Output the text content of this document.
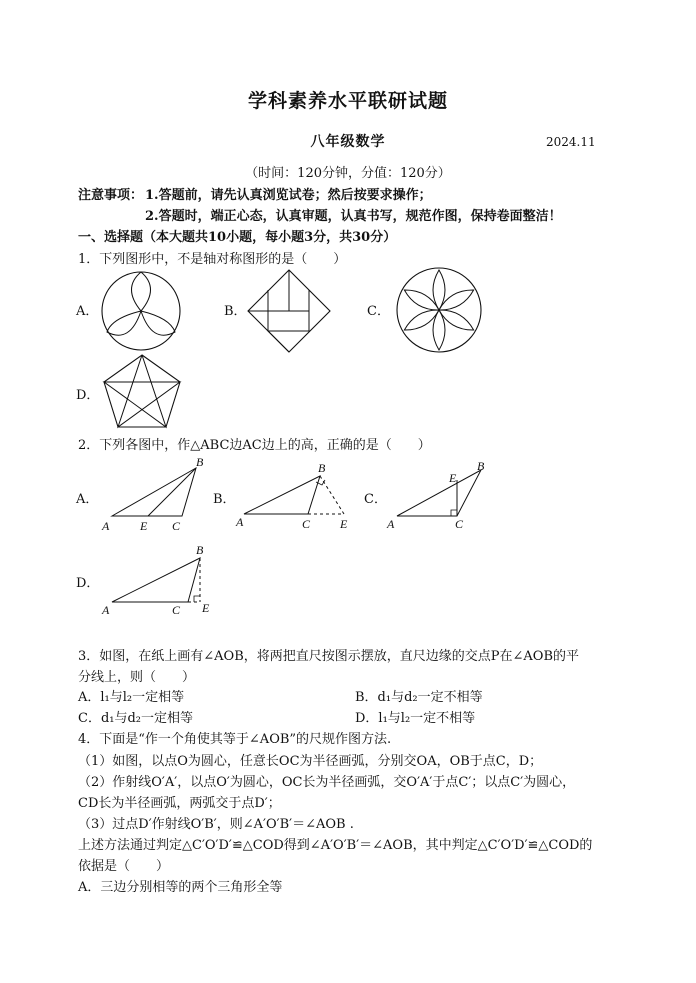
学科素养水平联研试题
八年级数学	2024.11
（时间：120分钟，分值：120分）
注意事项： 1.答题前，请先认真浏览试卷；然后按要求操作；
2.答题时，端正心态，认真审题，认真书写，规范作图，保持卷面整洁！
一、选择题（本大题共10小题，每小题3分，共30分）
1．下列图形中，不是轴对称图形的是（　　）
A．	B．	C．
D．
2．下列各图中，作△ABC边AC边上的高，正确的是（　　）
A．	B．	C．
D．
A
B
C
E	A
B
C E	A
B
C
E
A
B
C E
3．如图，在纸上画有∠AOB，将两把直尺按图示摆放，直尺边缘的交点P在∠AOB的平
分线上，则（　　）
A．l₁与l₂一定相等	B．d₁与d₂一定不相等
C．d₁与d₂一定相等	D．l₁与l₂一定不相等
4．下面是“作一个角使其等于∠AOB”的尺规作图方法.
（1）如图，以点O为圆心，任意长OC为半径画弧，分别交OA，OB于点C，D；
（2）作射线O′A′，以点O′为圆心，OC长为半径画弧，交O′A′于点C′；以点C′为圆心，
CD长为半径画弧，两弧交于点D′；
（3）过点D′作射线O′B′，则∠A′O′B′＝∠AOB .
上述方法通过判定△C′O′D′≌△COD得到∠A′O′B′＝∠AOB，其中判定△C′O′D′≌△COD的
依据是（　　）
A．三边分别相等的两个三角形全等
